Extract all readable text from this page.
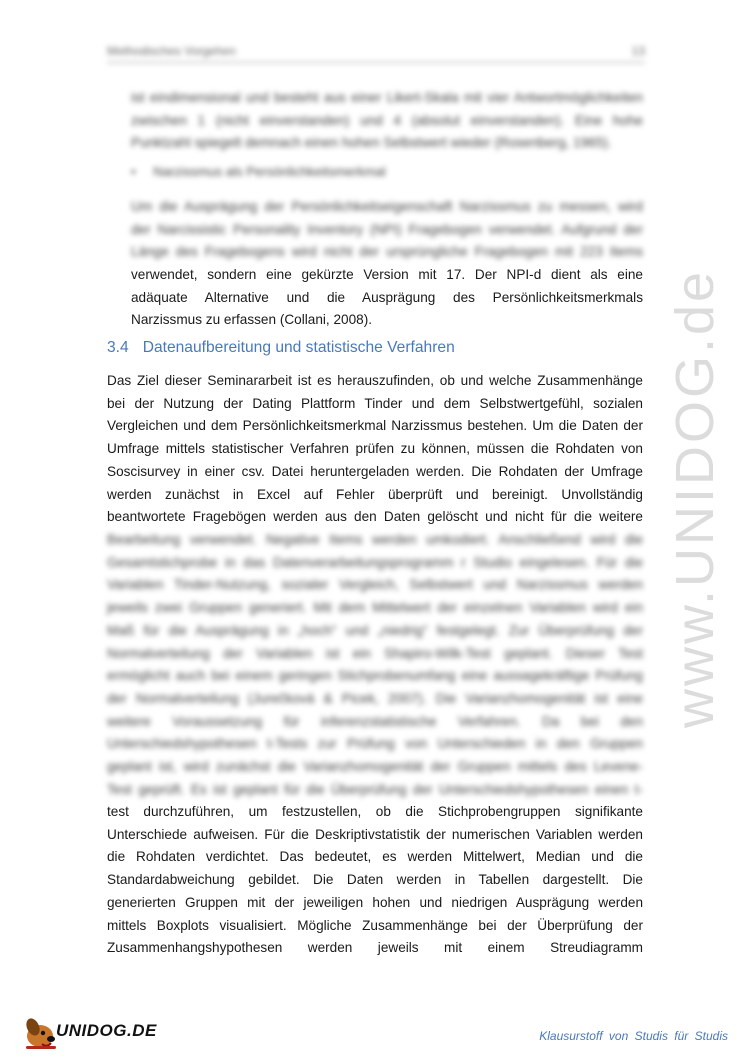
Methodisches Vorgehen	13
ist eindimensional und besteht aus einer Likert-Skala mit vier Antwortmöglichkeiten
zwischen 1 (nicht einverstanden) und 4 (absolut einverstanden). Eine hohe
Punktzahl spiegelt demnach einen hohen Selbstwert wieder (Rosenberg, 1965).
• Narzissmus als Persönlichkeitsmerkmal
Um die Ausprägung der Persönlichkeitseigenschaft Narzissmus zu messen, wird
der Narcissistic Personality Inventory (NPI) Fragebogen verwendet. Aufgrund der
Länge des Fragebogens wird nicht der ursprüngliche Fragebogen mit 223 Items
verwendet, sondern eine gekürzte Version mit 17. Der NPI-d dient als eine
adäquate Alternative und die Ausprägung des Persönlichkeitsmerkmals
Narzissmus zu erfassen (Collani, 2008).
3.4 Datenaufbereitung und statistische Verfahren
Das Ziel dieser Seminararbeit ist es herauszufinden, ob und welche Zusammenhänge
bei der Nutzung der Dating Plattform Tinder und dem Selbstwertgefühl, sozialen
Vergleichen und dem Persönlichkeitsmerkmal Narzissmus bestehen. Um die Daten der
Umfrage mittels statistischer Verfahren prüfen zu können, müssen die Rohdaten von
Soscisurvey in einer csv. Datei heruntergeladen werden. Die Rohdaten der Umfrage
werden zunächst in Excel auf Fehler überprüft und bereinigt. Unvollständig
beantwortete Fragebögen werden aus den Daten gelöscht und nicht für die weitere
Bearbeitung verwendet. Negative Items werden umkodiert. Anschließend wird die
Gesamtstichprobe in das Datenverarbeitungsprogramm r Studio eingelesen. Für die
Variablen Tinder-Nutzung, sozialer Vergleich, Selbstwert und Narzissmus werden
jeweils zwei Gruppen generiert. Mit dem Mittelwert der einzelnen Variablen wird ein
Maß für die Ausprägung in „hoch“ und „niedrig“ festgelegt. Zur Überprüfung der
Normalverteilung der Variablen ist ein Shapiro-Wilk-Test geplant. Dieser Test
ermöglicht auch bei einem geringen Stichprobenumfang eine aussagekräftige Prüfung
der Normalverteilung (Jurečková & Picek, 2007). Die Varianzhomogenität ist eine
weitere Voraussetzung für inferenzstatistische Verfahren. Da bei den
Unterschiedshypothesen t-Tests zur Prüfung von Unterschieden in den Gruppen
geplant ist, wird zunächst die Varianzhomogenität der Gruppen mittels des Levene-
Test geprüft. Es ist geplant für die Überprüfung der Unterschiedshypothesen einen t-
test durchzuführen, um festzustellen, ob die Stichprobengruppen signifikante
Unterschiede aufweisen. Für die Deskriptivstatistik der numerischen Variablen werden
die Rohdaten verdichtet. Das bedeutet, es werden Mittelwert, Median und die
Standardabweichung gebildet. Die Daten werden in Tabellen dargestellt. Die
generierten Gruppen mit der jeweiligen hohen und niedrigen Ausprägung werden
mittels Boxplots visualisiert. Mögliche Zusammenhänge bei der Überprüfung der
Zusammenhangshypothesen werden jeweils mit einem Streudiagramm
www.UNIDOG.de
UNIDOG.DE	Klausurstoff von Studis für Studis
